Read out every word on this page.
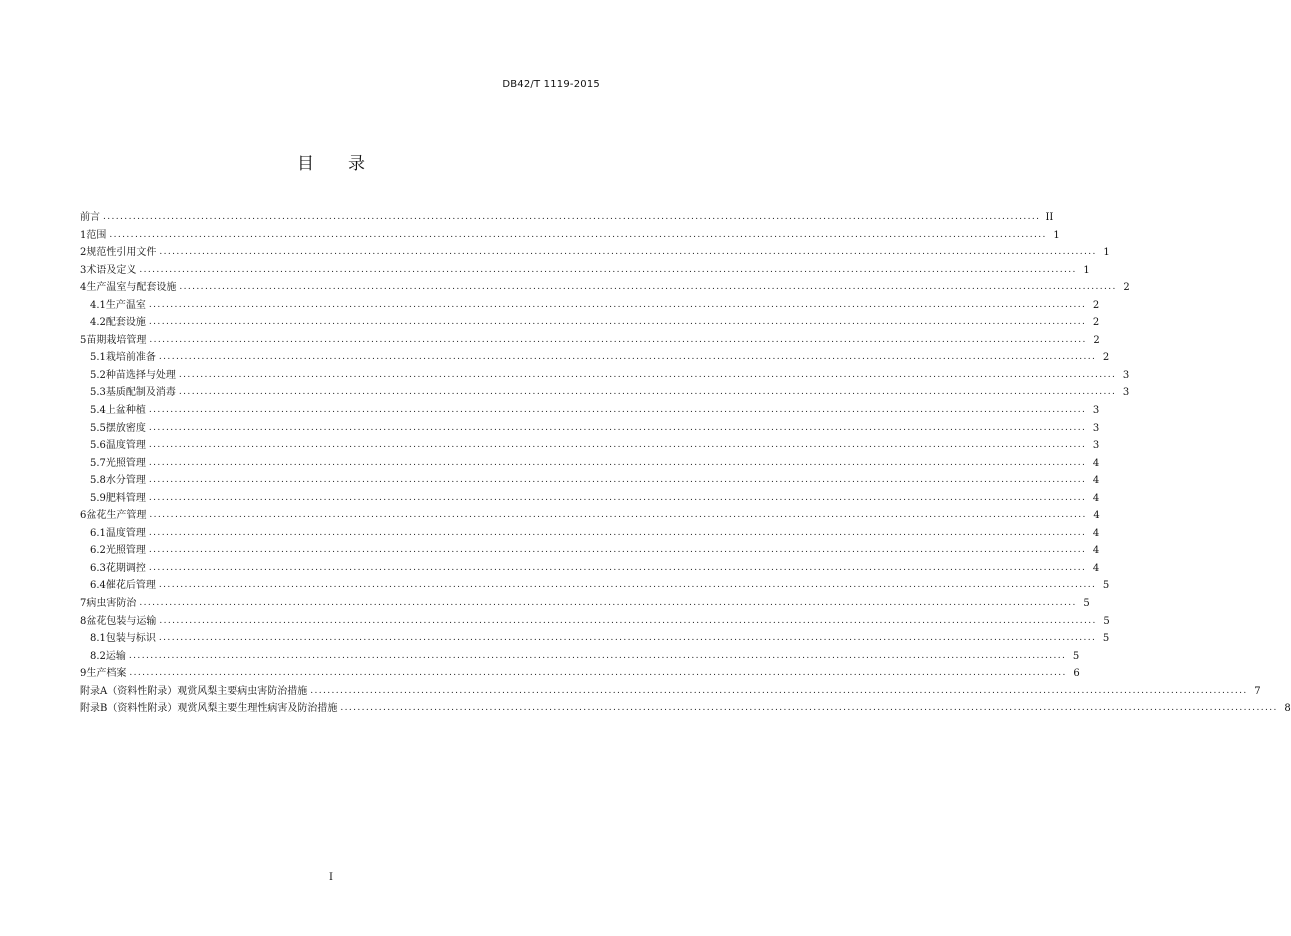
DB42/T 1119-2015
目 录
前言 ............................................................................................................................................................................................................................ II
1 范围 ............................................................................................................................................................................................................................ 1
2 规范性引用文件 ............................................................................................................................................................................................................................ 1
3 术语及定义 ............................................................................................................................................................................................................................ 1
4 生产温室与配套设施 ............................................................................................................................................................................................................................ 2
4.1 生产温室 ............................................................................................................................................................................................................................ 2
4.2 配套设施 ............................................................................................................................................................................................................................ 2
5 苗期栽培管理 ............................................................................................................................................................................................................................ 2
5.1 栽培前准备 ............................................................................................................................................................................................................................ 2
5.2 种苗选择与处理 ............................................................................................................................................................................................................................ 3
5.3 基质配制及消毒 ............................................................................................................................................................................................................................ 3
5.4 上盆种植 ............................................................................................................................................................................................................................ 3
5.5 摆放密度 ............................................................................................................................................................................................................................ 3
5.6 温度管理 ............................................................................................................................................................................................................................ 3
5.7 光照管理 ............................................................................................................................................................................................................................ 4
5.8 水分管理 ............................................................................................................................................................................................................................ 4
5.9 肥料管理 ............................................................................................................................................................................................................................ 4
6 盆花生产管理 ............................................................................................................................................................................................................................ 4
6.1 温度管理 ............................................................................................................................................................................................................................ 4
6.2 光照管理 ............................................................................................................................................................................................................................ 4
6.3 花期调控 ............................................................................................................................................................................................................................ 4
6.4 催花后管理 ............................................................................................................................................................................................................................ 5
7 病虫害防治 ............................................................................................................................................................................................................................ 5
8 盆花包装与运输 ............................................................................................................................................................................................................................ 5
8.1 包装与标识 ............................................................................................................................................................................................................................ 5
8.2 运输 ............................................................................................................................................................................................................................ 5
9 生产档案 ............................................................................................................................................................................................................................ 6
附录A（资料性附录）观赏风梨主要病虫害防治措施 ............................................................................................................................................................................................................................ 7
附录B（资料性附录）观赏风梨主要生理性病害及防治措施 ............................................................................................................................................................................................................................ 8
I
